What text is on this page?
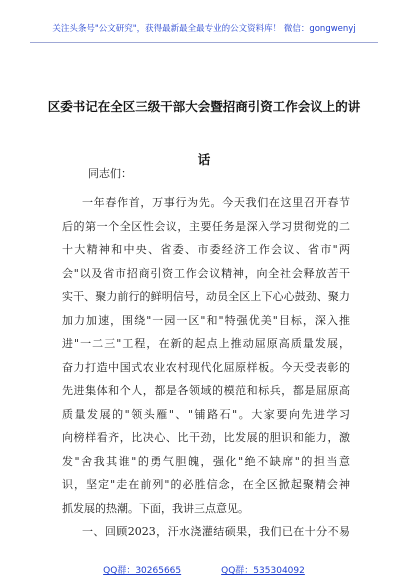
关注头条号"公文研究"，获得最新最全最专业的公文资料库！ 微信：gongwenyj
区委书记在全区三级干部大会暨招商引资工作会议上的讲
话
同志们：
一年春作首，万事行为先。今天我们在这里召开春节
后的第一个全区性会议，主要任务是深入学习贯彻党的二
十大精神和中央、省委、市委经济工作会议、省市"两
会"以及省市招商引资工作会议精神，向全社会释放苦干
实干、聚力前行的鲜明信号，动员全区上下心心鼓劲、聚力
加力加速，围绕"一园一区"和"特强优美"目标，深入推
进"一二三"工程，在新的起点上推动屈原高质量发展，
奋力打造中国式农业农村现代化屈原样板。今天受表彰的
先进集体和个人，都是各领域的模范和标兵，都是屈原高
质量发展的"领头雁"、"铺路石"。大家要向先进学习
向榜样看齐，比决心、比干劲，比发展的胆识和能力，激
发"舍我其谁"的勇气胆魄，强化"绝不缺席"的担当意
识，坚定"走在前列"的必胜信念，在全区掀起聚精会神
抓发展的热潮。下面，我讲三点意见。
一、回顾2023，汗水浇灌结硕果，我们已在十分不易
QQ群：30265665	QQ群：535304092
